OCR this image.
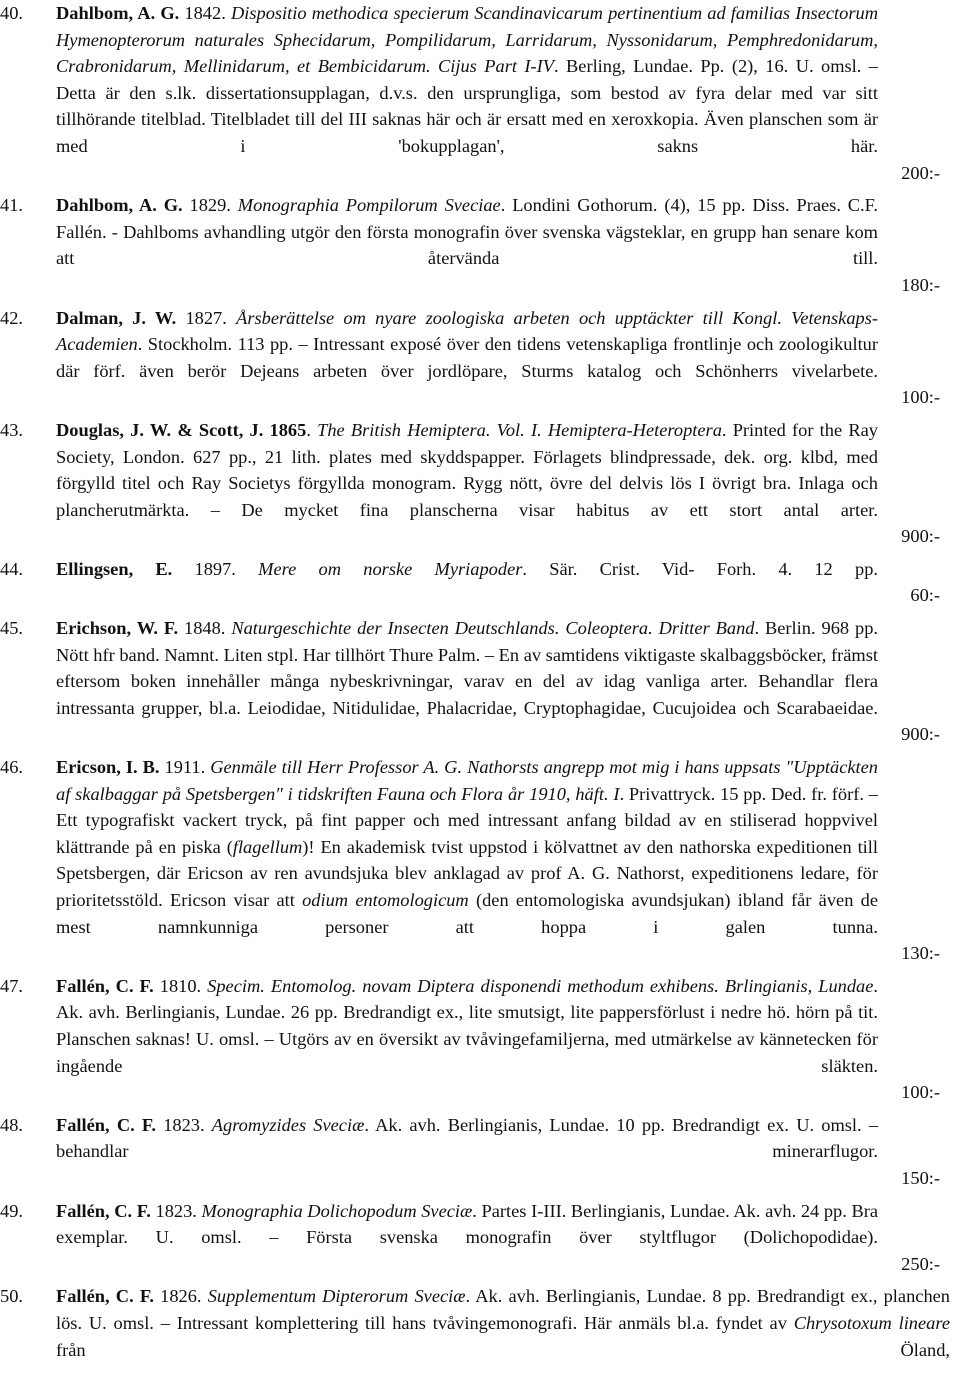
40.	Dahlbom, A. G. 1842. Dispositio methodica specierum Scandinavicarum pertinentium ad familias Insectorum Hymenopterorum naturales Sphecidarum, Pompilidarum, Larridarum, Nyssonidarum, Pemphredonidarum, Crabronidarum, Mellinidarum, et Bembicidarum. Cijus Part I-IV. Berling, Lundae. Pp. (2), 16. U. omsl. – Detta är den s.lk. dissertationsupplagan, d.v.s. den ursprungliga, som bestod av fyra delar med var sitt tillhörande titelblad. Titelbladet till del III saknas här och är ersatt med en xeroxkopia. Även planschen som är med i 'bokupplagan', sakns här.
200:-
41.	Dahlbom, A. G. 1829. Monographia Pompilorum Sveciae. Londini Gothorum. (4), 15 pp. Diss. Praes. C.F. Fallén. - Dahlboms avhandling utgör den första monografin över svenska vägsteklar, en grupp han senare kom att återvända till.
180:-
42.	Dalman, J. W. 1827. Årsberättelse om nyare zoologiska arbeten och upptäckter till Kongl. Vetenskaps-Academien. Stockholm. 113 pp. – Intressant exposé över den tidens vetenskapliga frontlinje och zoologikultur där förf. även berör Dejeans arbeten över jordlöpare, Sturms katalog och Schönherrs vivelarbete.
100:-
43.	Douglas, J. W. & Scott, J. 1865. The British Hemiptera. Vol. I. Hemiptera-Heteroptera. Printed for the Ray Society, London. 627 pp., 21 lith. plates med skyddspapper. Förlagets blindpressade, dek. org. klbd, med förgylld titel och Ray Societys förgyllda monogram. Rygg nött, övre del delvis lös I övrigt bra. Inlaga och plancherutmärkta. – De mycket fina planscherna visar habitus av ett stort antal arter.
900:-
44.	Ellingsen, E. 1897. Mere om norske Myriapoder. Sär. Crist. Vid- Forh. 4. 12 pp.
60:-
45.	Erichson, W. F. 1848. Naturgeschichte der Insecten Deutschlands. Coleoptera. Dritter Band. Berlin. 968 pp. Nött hfr band. Namnt. Liten stpl. Har tillhört Thure Palm. – En av samtidens viktigaste skalbaggsböcker, främst eftersom boken innehåller många nybeskrivningar, varav en del av idag vanliga arter. Behandlar flera intressanta grupper, bl.a. Leiodidae, Nitidulidae, Phalacridae, Cryptophagidae, Cucujoidea och Scarabaeidae.
900:-
46.	Ericson, I. B. 1911. Genmäle till Herr Professor A. G. Nathorsts angrepp mot mig i hans uppsats "Upptäckten af skalbaggar på Spetsbergen" i tidskriften Fauna och Flora år 1910, häft. I. Privattryck. 15 pp. Ded. fr. förf. – Ett typografiskt vackert tryck, på fint papper och med intressant anfang bildad av en stiliserad hoppvivel klättrande på en piska (flagellum)! En akademisk tvist uppstod i kölvattnet av den nathorska expeditionen till Spetsbergen, där Ericson av ren avundsjuka blev anklagad av prof A. G. Nathorst, expeditionens ledare, för prioritetsstöld. Ericson visar att odium entomologicum (den entomologiska avundsjukan) ibland får även de mest namnkunniga personer att hoppa i galen tunna.
130:-
47.	Fallén, C. F. 1810. Specim. Entomolog. novam Diptera disponendi methodum exhibens. Brlingianis, Lundae. Ak. avh. Berlingianis, Lundae. 26 pp. Bredrandigt ex., lite smutsigt, lite pappersförlust i nedre hö. hörn på tit. Planschen saknas! U. omsl. – Utgörs av en översikt av tvåvingefamiljerna, med utmärkelse av kännetecken för ingående släkten.
100:-
48.	Fallén, C. F. 1823. Agromyzides Sveciæ. Ak. avh. Berlingianis, Lundae. 10 pp. Bredrandigt ex. U. omsl. – behandlar minerarflugor.
150:-
49.	Fallén, C. F. 1823. Monographia Dolichopodum Sveciæ. Partes I-III. Berlingianis, Lundae. Ak. avh. 24 pp. Bra exemplar. U. omsl. – Första svenska monografin över styltflugor (Dolichopodidae).
250:-
50.	Fallén, C. F. 1826. Supplementum Dipterorum Sveciæ. Ak. avh. Berlingianis, Lundae. 8 pp. Bredrandigt ex., planchen lös. U. omsl. – Intressant komplettering till hans tvåvingemonografi. Här anmäls bl.a. fyndet av Chrysotoxum lineare från Öland,
